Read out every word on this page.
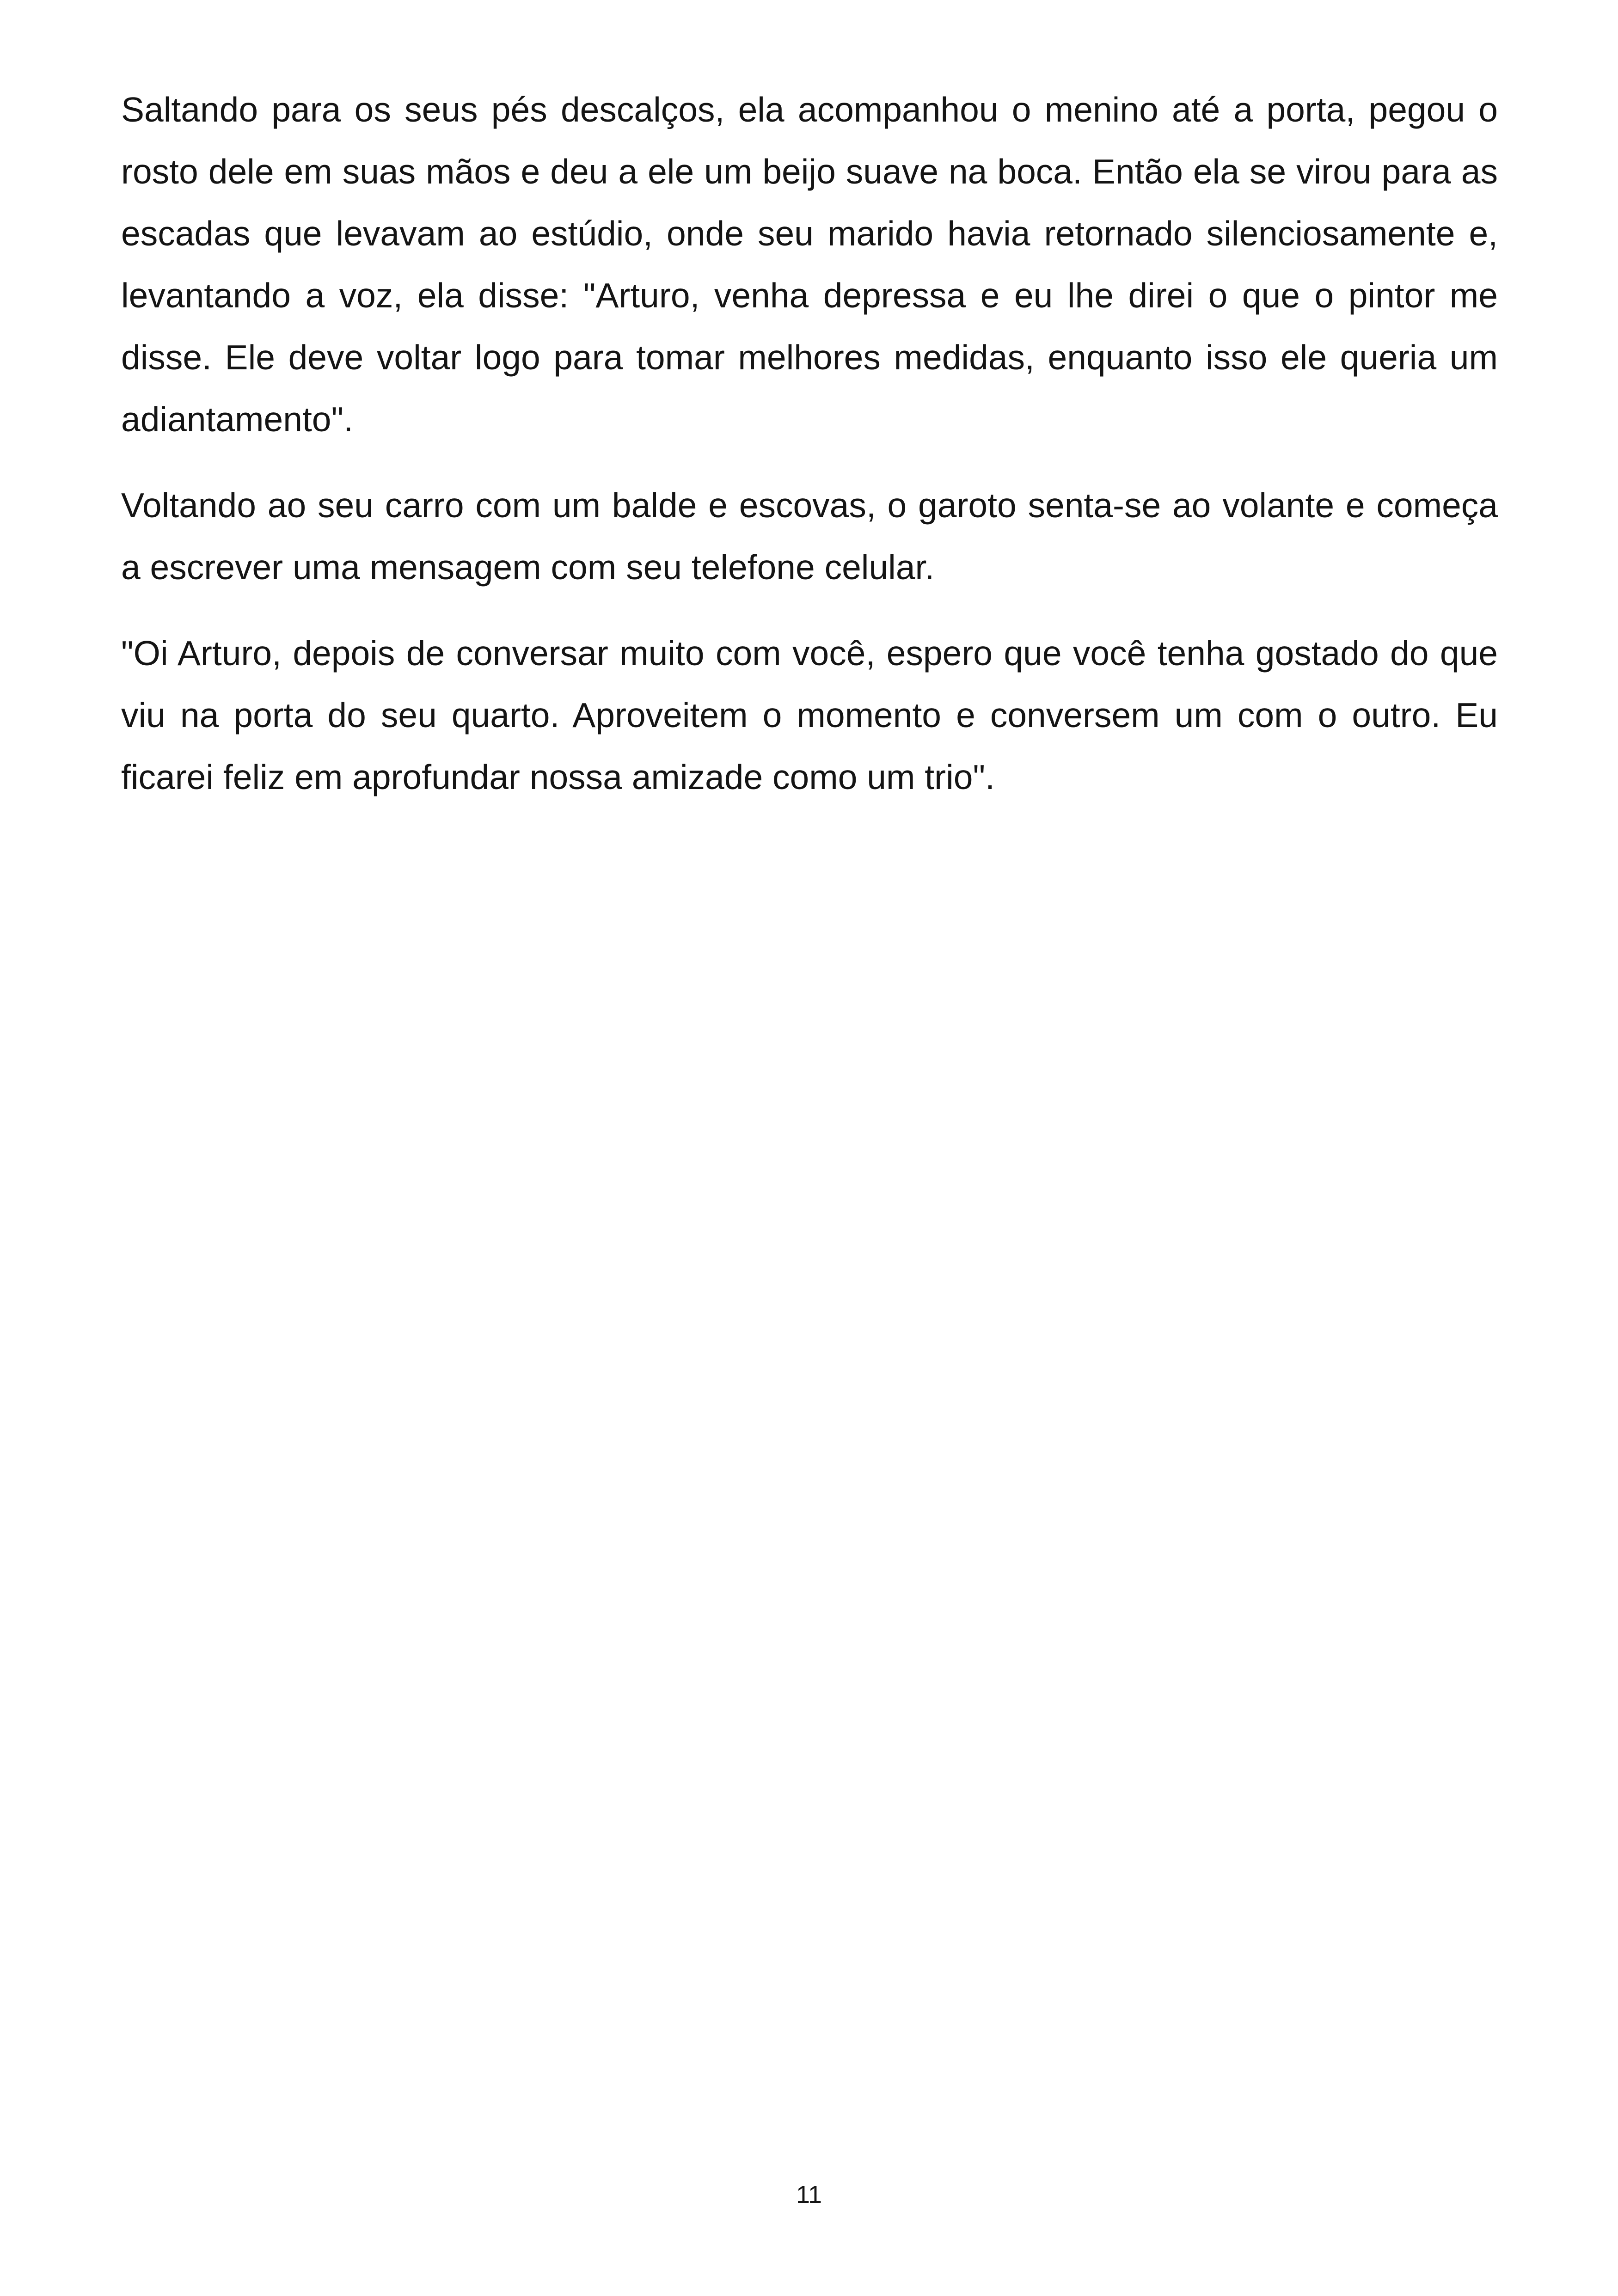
Saltando para os seus pés descalços, ela acompanhou o menino até a porta, pegou o rosto dele em suas mãos e deu a ele um beijo suave na boca. Então ela se virou para as escadas que levavam ao estúdio, onde seu marido havia retornado silenciosamente e, levantando a voz, ela disse: "Arturo, venha depressa e eu lhe direi o que o pintor me disse. Ele deve voltar logo para tomar melhores medidas, enquanto isso ele queria um adiantamento".

Voltando ao seu carro com um balde e escovas, o garoto senta-se ao volante e começa a escrever uma mensagem com seu telefone celular.

"Oi Arturo, depois de conversar muito com você, espero que você tenha gostado do que viu na porta do seu quarto. Aproveitem o momento e conversem um com o outro. Eu ficarei feliz em aprofundar nossa amizade como um trio".

11
